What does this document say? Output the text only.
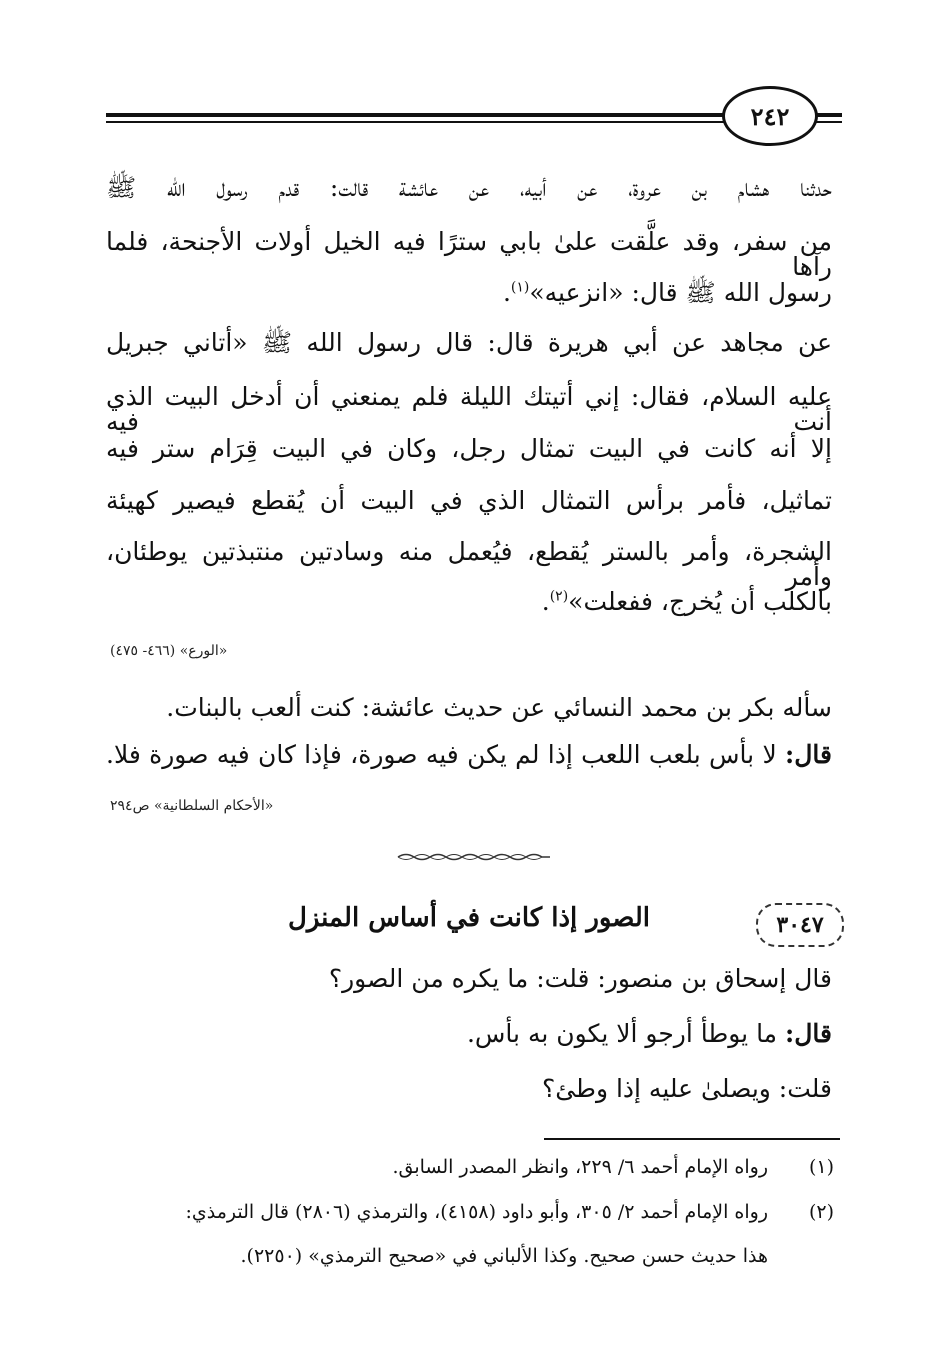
٢٤٢
حدثنا هشام بن عروة، عن أبيه، عن عائشة قالت: قدم رسول الله ﷺ
من سفر، وقد علَّقت علىٰ بابي سترًا فيه الخيل أولات الأجنحة، فلما رآها
رسول الله ﷺ قال: «انزعيه»$^{(١)}$.
عن مجاهد عن أبي هريرة قال: قال رسول الله ﷺ «أتاني جبريل
عليه السلام، فقال: إني أتيتك الليلة فلم يمنعني أن أدخل البيت الذي أنت فيه
إلا أنه كانت في البيت تمثال رجل، وكان في البيت قِرَام ستر فيه
تماثيل، فأمر برأس التمثال الذي في البيت أن يُقطع فيصير كهيئة
الشجرة، وأمر بالستر يُقطع، فيُعمل منه وسادتين منتبذتين يوطئان، وأمر
بالكلب أن يُخرج، ففعلت»$^{(٢)}$.
«الورع» (٤٦٦- ٤٧٥)
سأله بكر بن محمد النسائي عن حديث عائشة: كنت ألعب بالبنات.
قال: لا بأس بلعب اللعب إذا لم يكن فيه صورة، فإذا كان فيه صورة فلا.
«الأحكام السلطانية» ص٢٩٤
٣٠٤٧
الصور إذا كانت في أساس المنزل
قال إسحاق بن منصور: قلت: ما يكره من الصور؟
قال: ما يوطأ أرجو ألا يكون به بأس.
قلت: ويصلىٰ عليه إذا وطئ؟
(١)
رواه الإمام أحمد ٦/ ٢٢٩، وانظر المصدر السابق.
(٢)
رواه الإمام أحمد ٢/ ٣٠٥، وأبو داود (٤١٥٨)، والترمذي (٢٨٠٦) قال الترمذي:
هذا حديث حسن صحيح. وكذا الألباني في «صحيح الترمذي» (٢٢٥٠).
